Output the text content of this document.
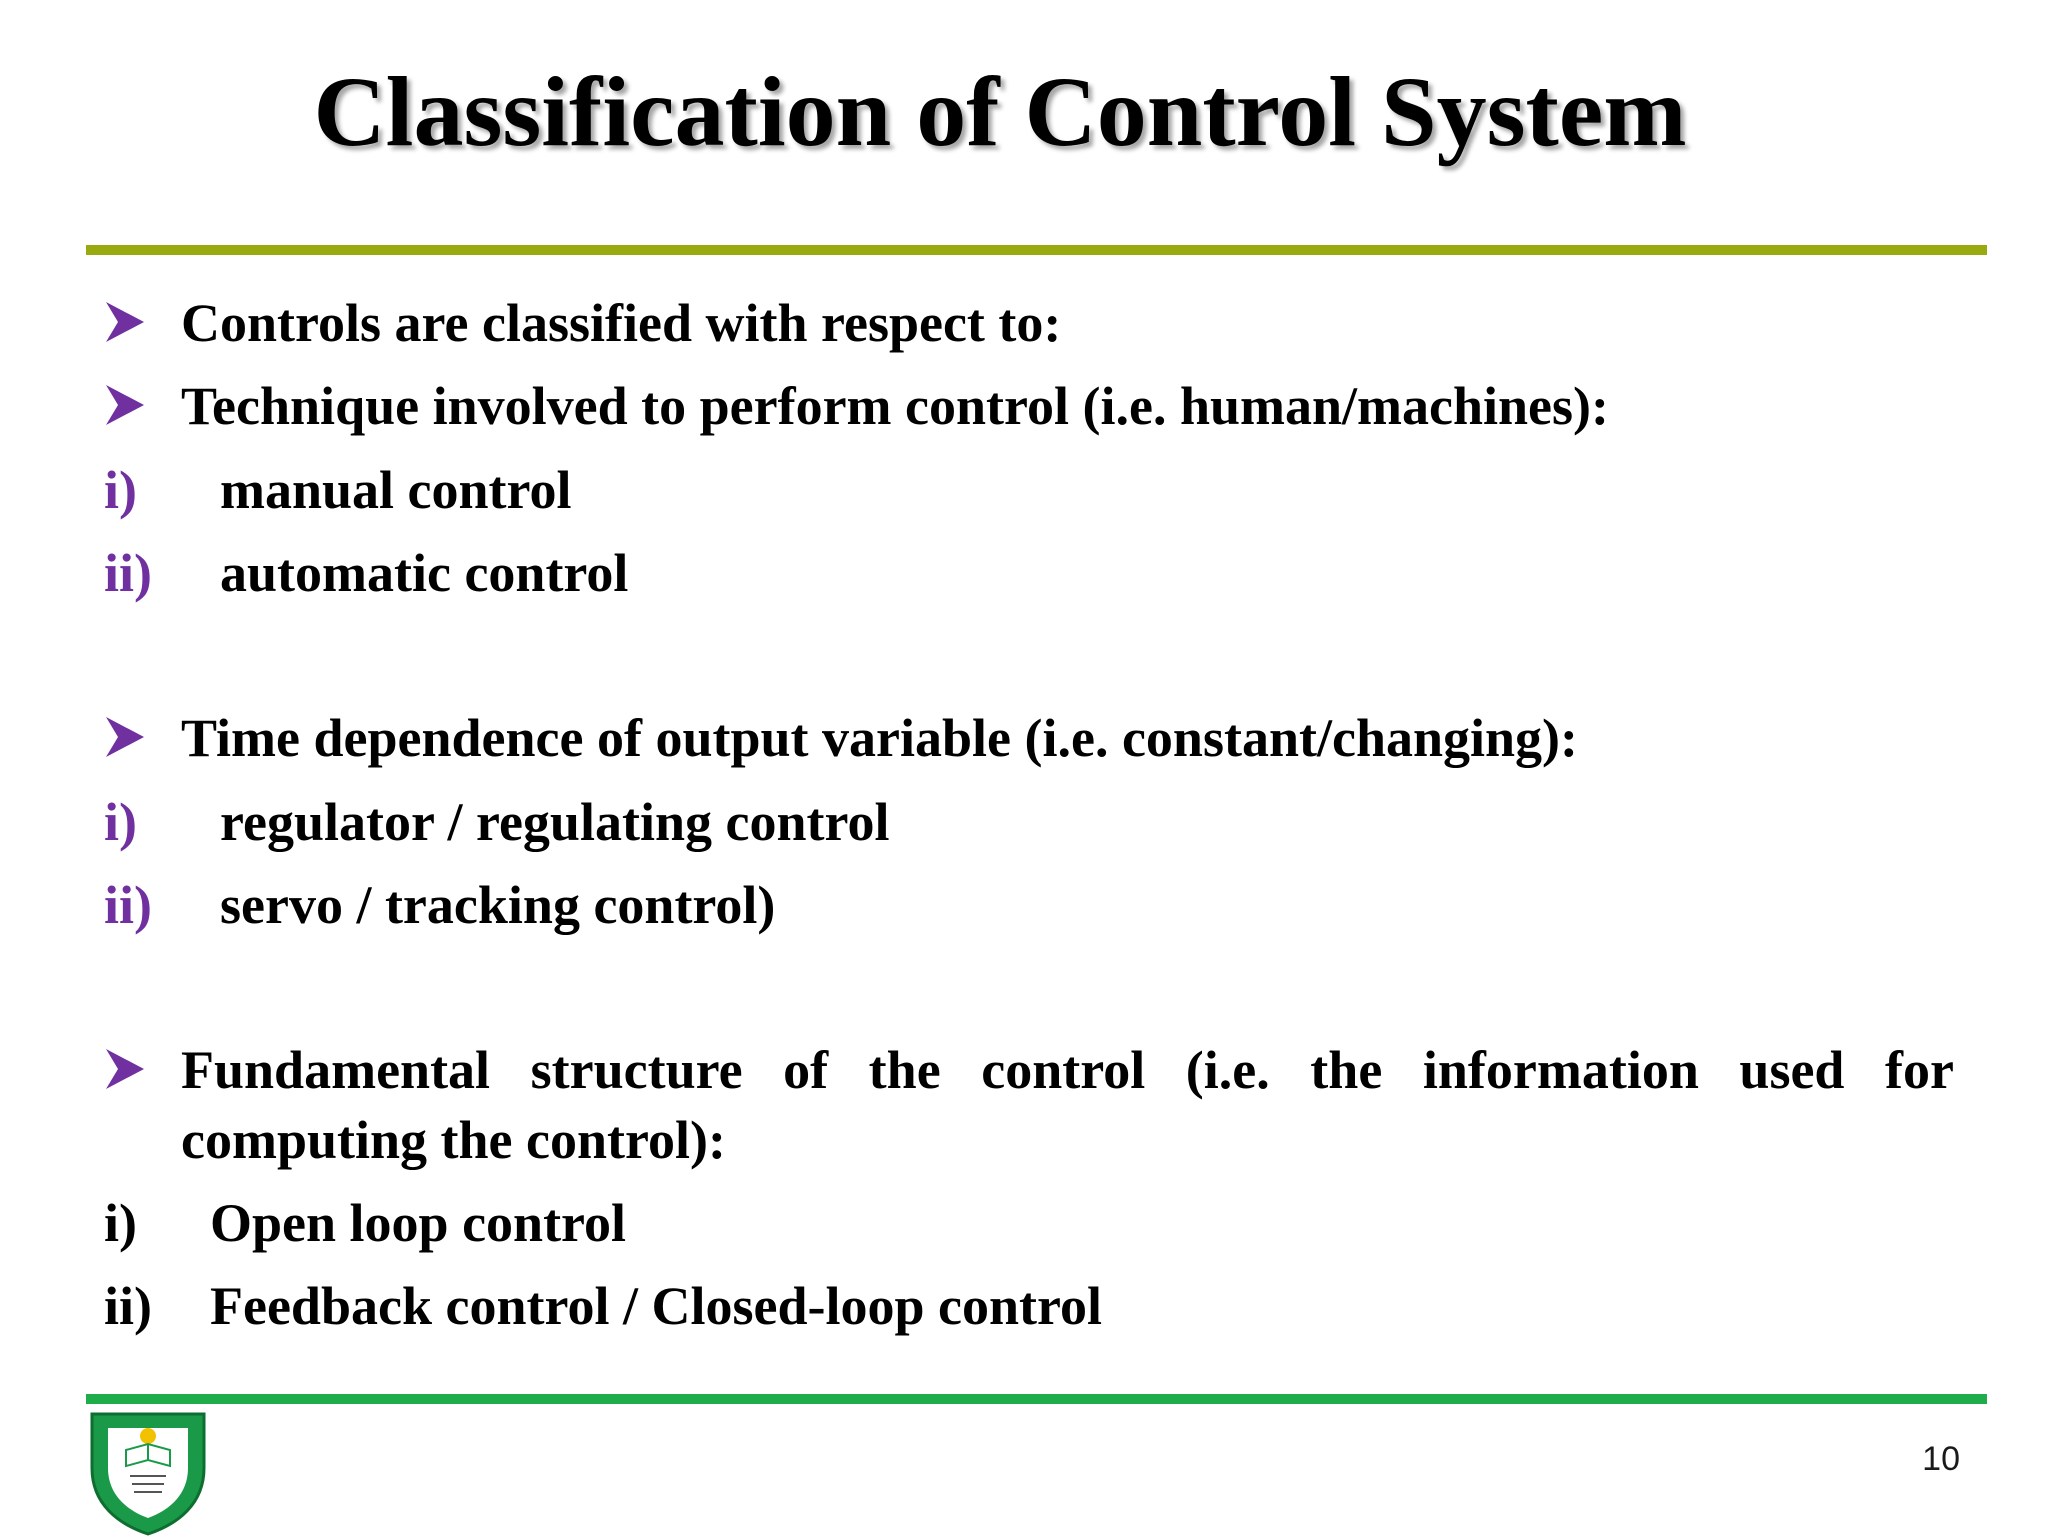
Classification of Control System
Controls are classified with respect to:
Technique involved to perform control (i.e. human/machines):
i) manual control
ii) automatic control
Time dependence of output variable (i.e. constant/changing):
i) regulator / regulating control
ii) servo / tracking control)
Fundamental structure of the control (i.e. the information used for
computing the control):
i) Open loop control
ii) Feedback control / Closed-loop control
10
